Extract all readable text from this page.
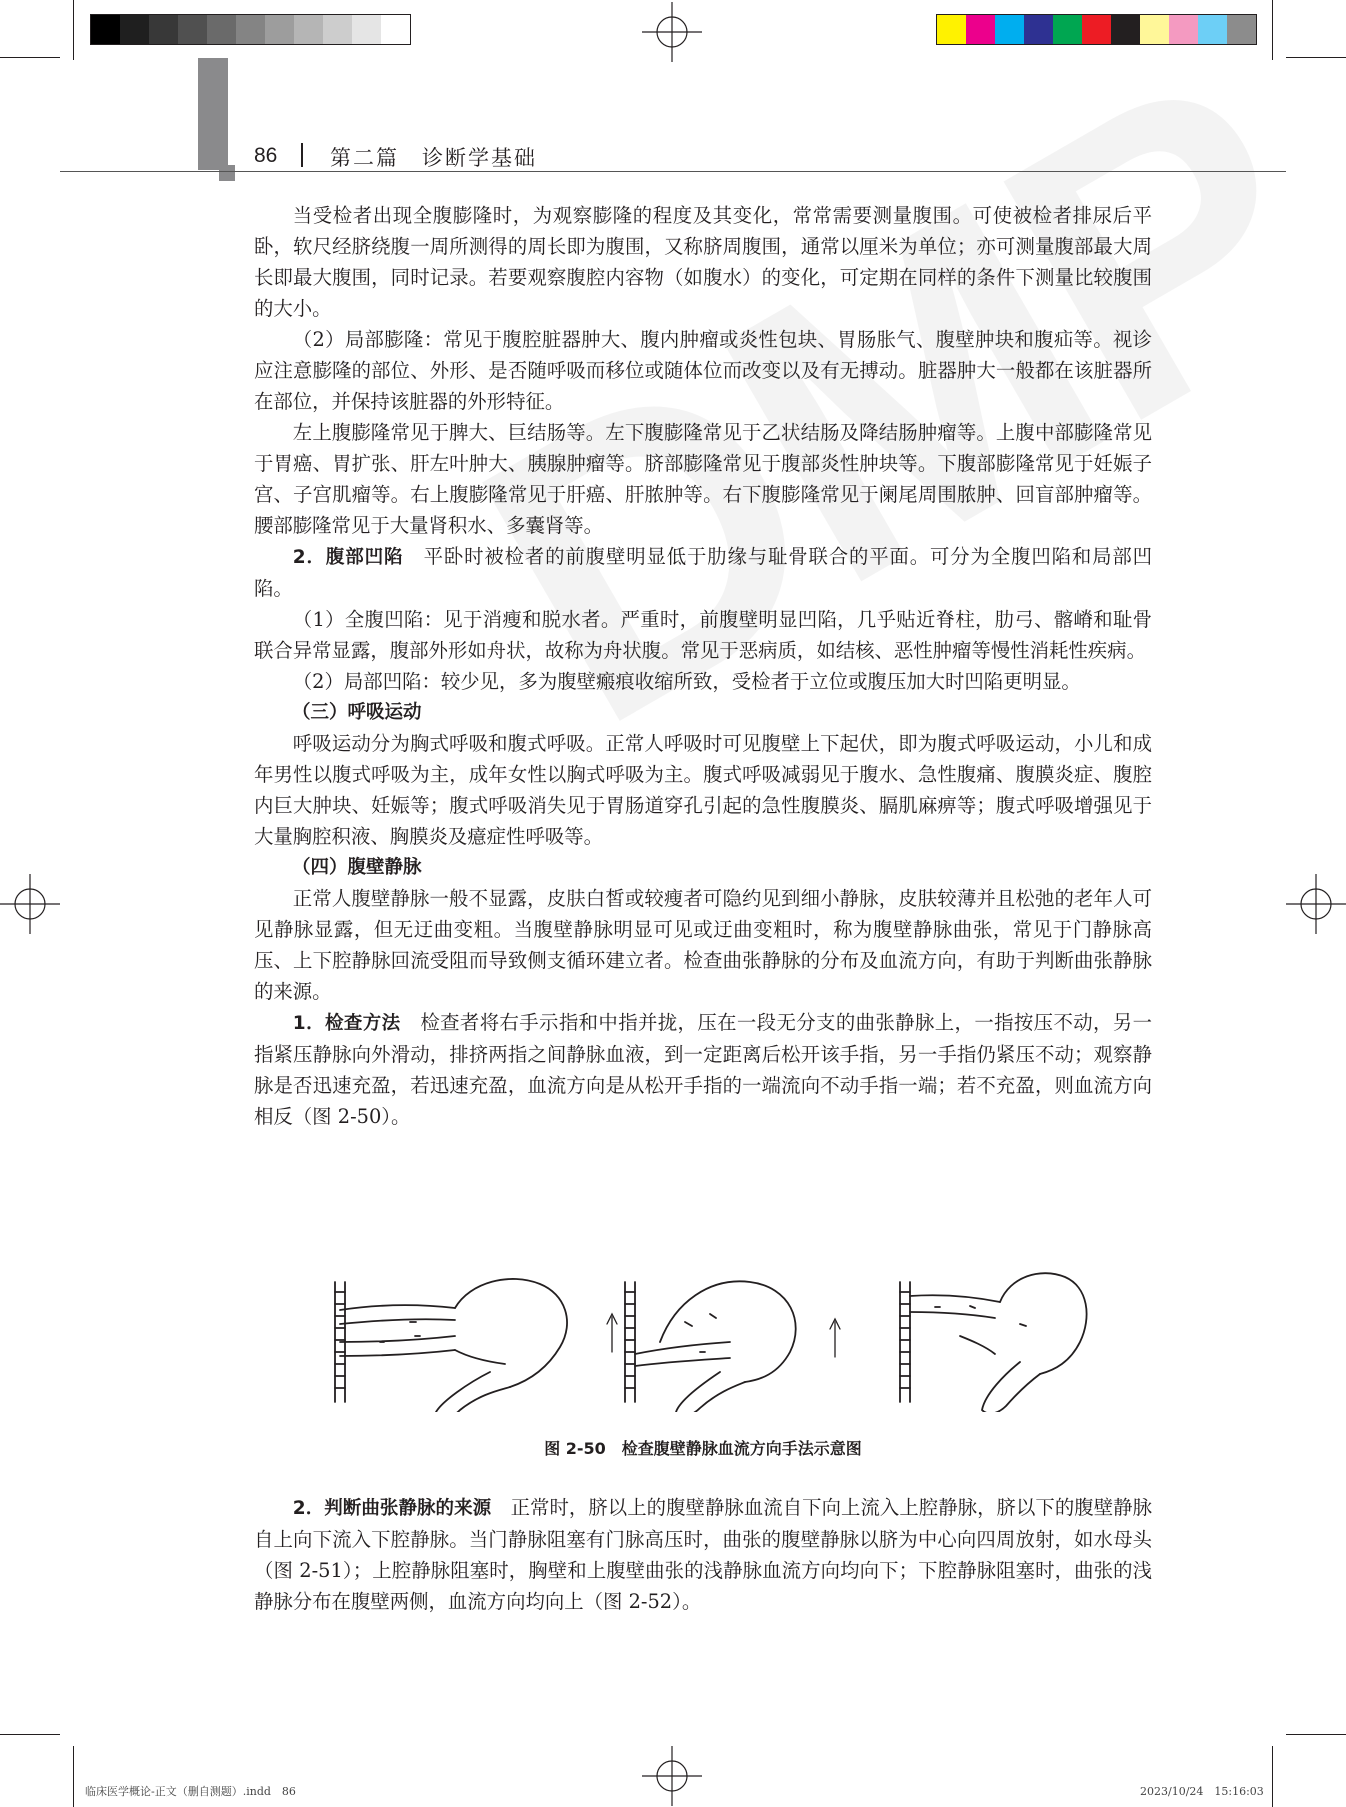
86	第二篇　诊断学基础

当受检者出现全腹膨隆时，为观察膨隆的程度及其变化，常常需要测量腹围。可使被检者排尿后平卧，软尺经脐绕腹一周所测得的周长即为腹围，又称脐周腹围，通常以厘米为单位；亦可测量腹部最大周长即最大腹围，同时记录。若要观察腹腔内容物（如腹水）的变化，可定期在同样的条件下测量比较腹围的大小。

（2）局部膨隆：常见于腹腔脏器肿大、腹内肿瘤或炎性包块、胃肠胀气、腹壁肿块和腹疝等。视诊应注意膨隆的部位、外形、是否随呼吸而移位或随体位而改变以及有无搏动。脏器肿大一般都在该脏器所在部位，并保持该脏器的外形特征。

左上腹膨隆常见于脾大、巨结肠等。左下腹膨隆常见于乙状结肠及降结肠肿瘤等。上腹中部膨隆常见于胃癌、胃扩张、肝左叶肿大、胰腺肿瘤等。脐部膨隆常见于腹部炎性肿块等。下腹部膨隆常见于妊娠子宫、子宫肌瘤等。右上腹膨隆常见于肝癌、肝脓肿等。右下腹膨隆常见于阑尾周围脓肿、回盲部肿瘤等。腰部膨隆常见于大量肾积水、多囊肾等。

2．腹部凹陷　平卧时被检者的前腹壁明显低于肋缘与耻骨联合的平面。可分为全腹凹陷和局部凹陷。

（1）全腹凹陷：见于消瘦和脱水者。严重时，前腹壁明显凹陷，几乎贴近脊柱，肋弓、髂嵴和耻骨联合异常显露，腹部外形如舟状，故称为舟状腹。常见于恶病质，如结核、恶性肿瘤等慢性消耗性疾病。

（2）局部凹陷：较少见，多为腹壁瘢痕收缩所致，受检者于立位或腹压加大时凹陷更明显。

（三）呼吸运动

呼吸运动分为胸式呼吸和腹式呼吸。正常人呼吸时可见腹壁上下起伏，即为腹式呼吸运动，小儿和成年男性以腹式呼吸为主，成年女性以胸式呼吸为主。腹式呼吸减弱见于腹水、急性腹痛、腹膜炎症、腹腔内巨大肿块、妊娠等；腹式呼吸消失见于胃肠道穿孔引起的急性腹膜炎、膈肌麻痹等；腹式呼吸增强见于大量胸腔积液、胸膜炎及癔症性呼吸等。

（四）腹壁静脉

正常人腹壁静脉一般不显露，皮肤白皙或较瘦者可隐约见到细小静脉，皮肤较薄并且松弛的老年人可见静脉显露，但无迂曲变粗。当腹壁静脉明显可见或迂曲变粗时，称为腹壁静脉曲张，常见于门静脉高压、上下腔静脉回流受阻而导致侧支循环建立者。检查曲张静脉的分布及血流方向，有助于判断曲张静脉的来源。

1．检查方法　检查者将右手示指和中指并拢，压在一段无分支的曲张静脉上，一指按压不动，另一指紧压静脉向外滑动，排挤两指之间静脉血液，到一定距离后松开该手指，另一手指仍紧压不动；观察静脉是否迅速充盈，若迅速充盈，血流方向是从松开手指的一端流向不动手指一端；若不充盈，则血流方向相反（图 2-50）。

图 2-50　检查腹壁静脉血流方向手法示意图

2．判断曲张静脉的来源　正常时，脐以上的腹壁静脉血流自下向上流入上腔静脉，脐以下的腹壁静脉自上向下流入下腔静脉。当门静脉阻塞有门脉高压时，曲张的腹壁静脉以脐为中心向四周放射，如水母头（图 2-51）；上腔静脉阻塞时，胸壁和上腹壁曲张的浅静脉血流方向均向下；下腔静脉阻塞时，曲张的浅静脉分布在腹壁两侧，血流方向均向上（图 2-52）。

临床医学概论-正文（删自测题）.indd　86	2023/10/24　15:16:03
